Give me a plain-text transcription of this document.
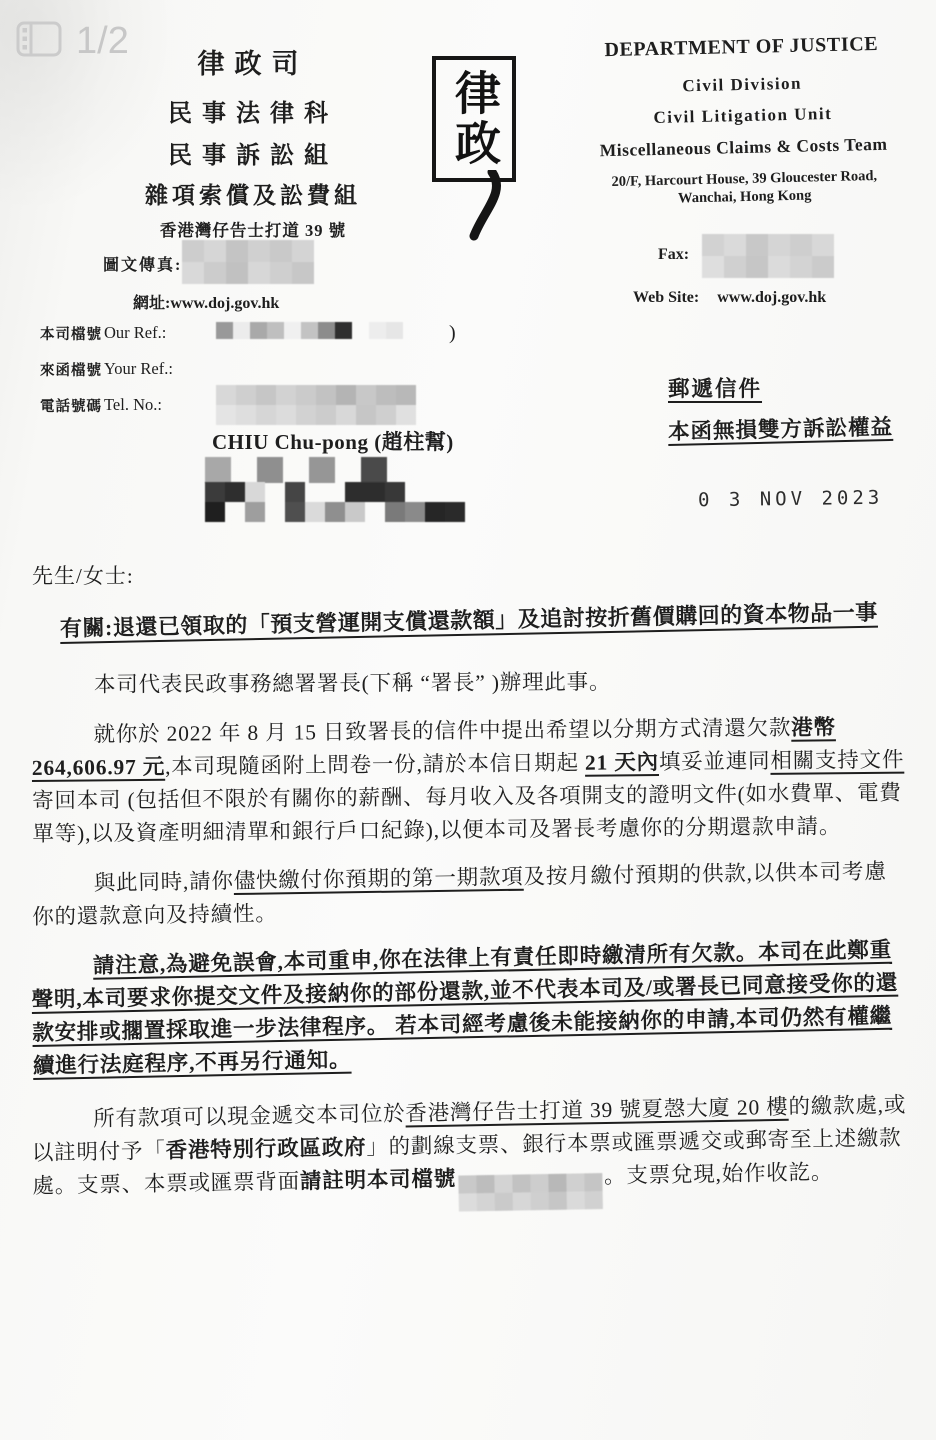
1/2
律政司
民事法律科
民事訴訟組
雜項索償及訟費組
香港灣仔告士打道 39 號
律政
DEPARTMENT OF JUSTICE
Civil Division
Civil Litigation Unit
Miscellaneous Claims & Costs Team
20/F, Harcourt House, 39 Gloucester Road,
Wanchai, Hong Kong
圖文傳真:
網址:www.doj.gov.hk
Fax:
Web Site: www.doj.gov.hk
本司檔號 Our Ref.:	)
來函檔號 Your Ref.:
電話號碼 Tel. No.:
CHIU Chu-pong (趙柱幫)
郵遞信件
本函無損雙方訴訟權益
0 3 NOV 2023
先生/女士:
有關:退還已領取的「預支營運開支償還款額」及追討按折舊價購回的資本物品一事

本司代表民政事務總署署長(下稱 “署長” )辦理此事。

就你於 2022 年 8 月 15 日致署長的信件中提出希望以分期方式清還欠款港幣 264,606.97 元,本司現隨函附上問卷一份,請於本信日期起 21 天內填妥並連同相關支持文件寄回本司 (包括但不限於有關你的薪酬、每月收入及各項開支的證明文件(如水費單、電費單等),以及資產明細清單和銀行戶口紀錄),以便本司及署長考慮你的分期還款申請。

與此同時,請你儘快繳付你預期的第一期款項及按月繳付預期的供款,以供本司考慮你的還款意向及持續性。

請注意,為避免誤會,本司重申,你在法律上有責任即時繳清所有欠款。本司在此鄭重聲明,本司要求你提交文件及接納你的部份還款,並不代表本司及/或署長已同意接受你的還款安排或擱置採取進一步法律程序。 若本司經考慮後未能接納你的申請,本司仍然有權繼續進行法庭程序,不再另行通知。

所有款項可以現金遞交本司位於香港灣仔告士打道 39 號夏愨大廈 20 樓的繳款處,或以註明付予「香港特別行政區政府」的劃線支票、銀行本票或匯票遞交或郵寄至上述繳款處。支票、本票或匯票背面請註明本司檔號	。支票兌現,始作收訖。
